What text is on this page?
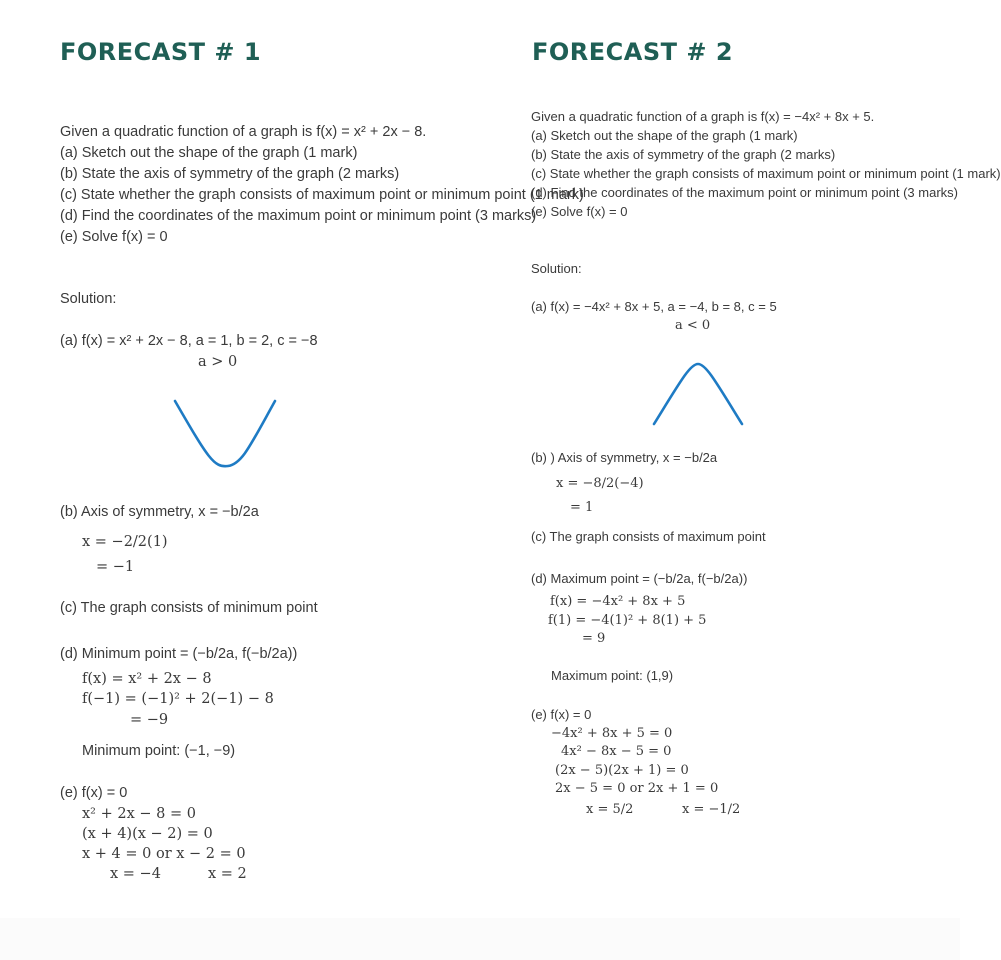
FORECAST # 1
Given a quadratic function of a graph is f(x) = x² + 2x − 8.
(a) Sketch out the shape of the graph (1 mark)
(b) State the axis of symmetry of the graph (2 marks)
(c) State whether the graph consists of maximum point or minimum point (1 mark)
(d) Find the coordinates of the maximum point or minimum point (3 marks)
(e) Solve f(x) = 0
Solution:
(a) f(x) = x² + 2x − 8, a = 1, b = 2, c = −8
a > 0
(b) Axis of symmetry, x = −b/2a
x = −2/2(1)
= −1
(c) The graph consists of minimum point
(d) Minimum point = (−b/2a, f(−b/2a))
f(x) = x² + 2x − 8
f(−1) = (−1)² + 2(−1) − 8
= −9
Minimum point: (−1, −9)
(e) f(x) = 0
x² + 2x − 8 = 0
(x + 4)(x − 2) = 0
x + 4 = 0 or x − 2 = 0
x = −4	x = 2
FORECAST # 2
Given a quadratic function of a graph is f(x) = −4x² + 8x + 5.
(a) Sketch out the shape of the graph (1 mark)
(b) State the axis of symmetry of the graph (2 marks)
(c) State whether the graph consists of maximum point or minimum point (1 mark)
(d) Find the coordinates of the maximum point or minimum point (3 marks)
(e) Solve f(x) = 0
Solution:
(a) f(x) = −4x² + 8x + 5, a = −4, b = 8, c = 5
a < 0
(b) ) Axis of symmetry, x = −b/2a
x = −8/2(−4)
= 1
(c) The graph consists of maximum point
(d) Maximum point = (−b/2a, f(−b/2a))
f(x) = −4x² + 8x + 5
f(1) = −4(1)² + 8(1) + 5
= 9
Maximum point: (1,9)
(e) f(x) = 0
−4x² + 8x + 5 = 0
4x² − 8x − 5 = 0
(2x − 5)(2x + 1) = 0
2x − 5 = 0 or 2x + 1 = 0
x = 5/2	x = −1/2
